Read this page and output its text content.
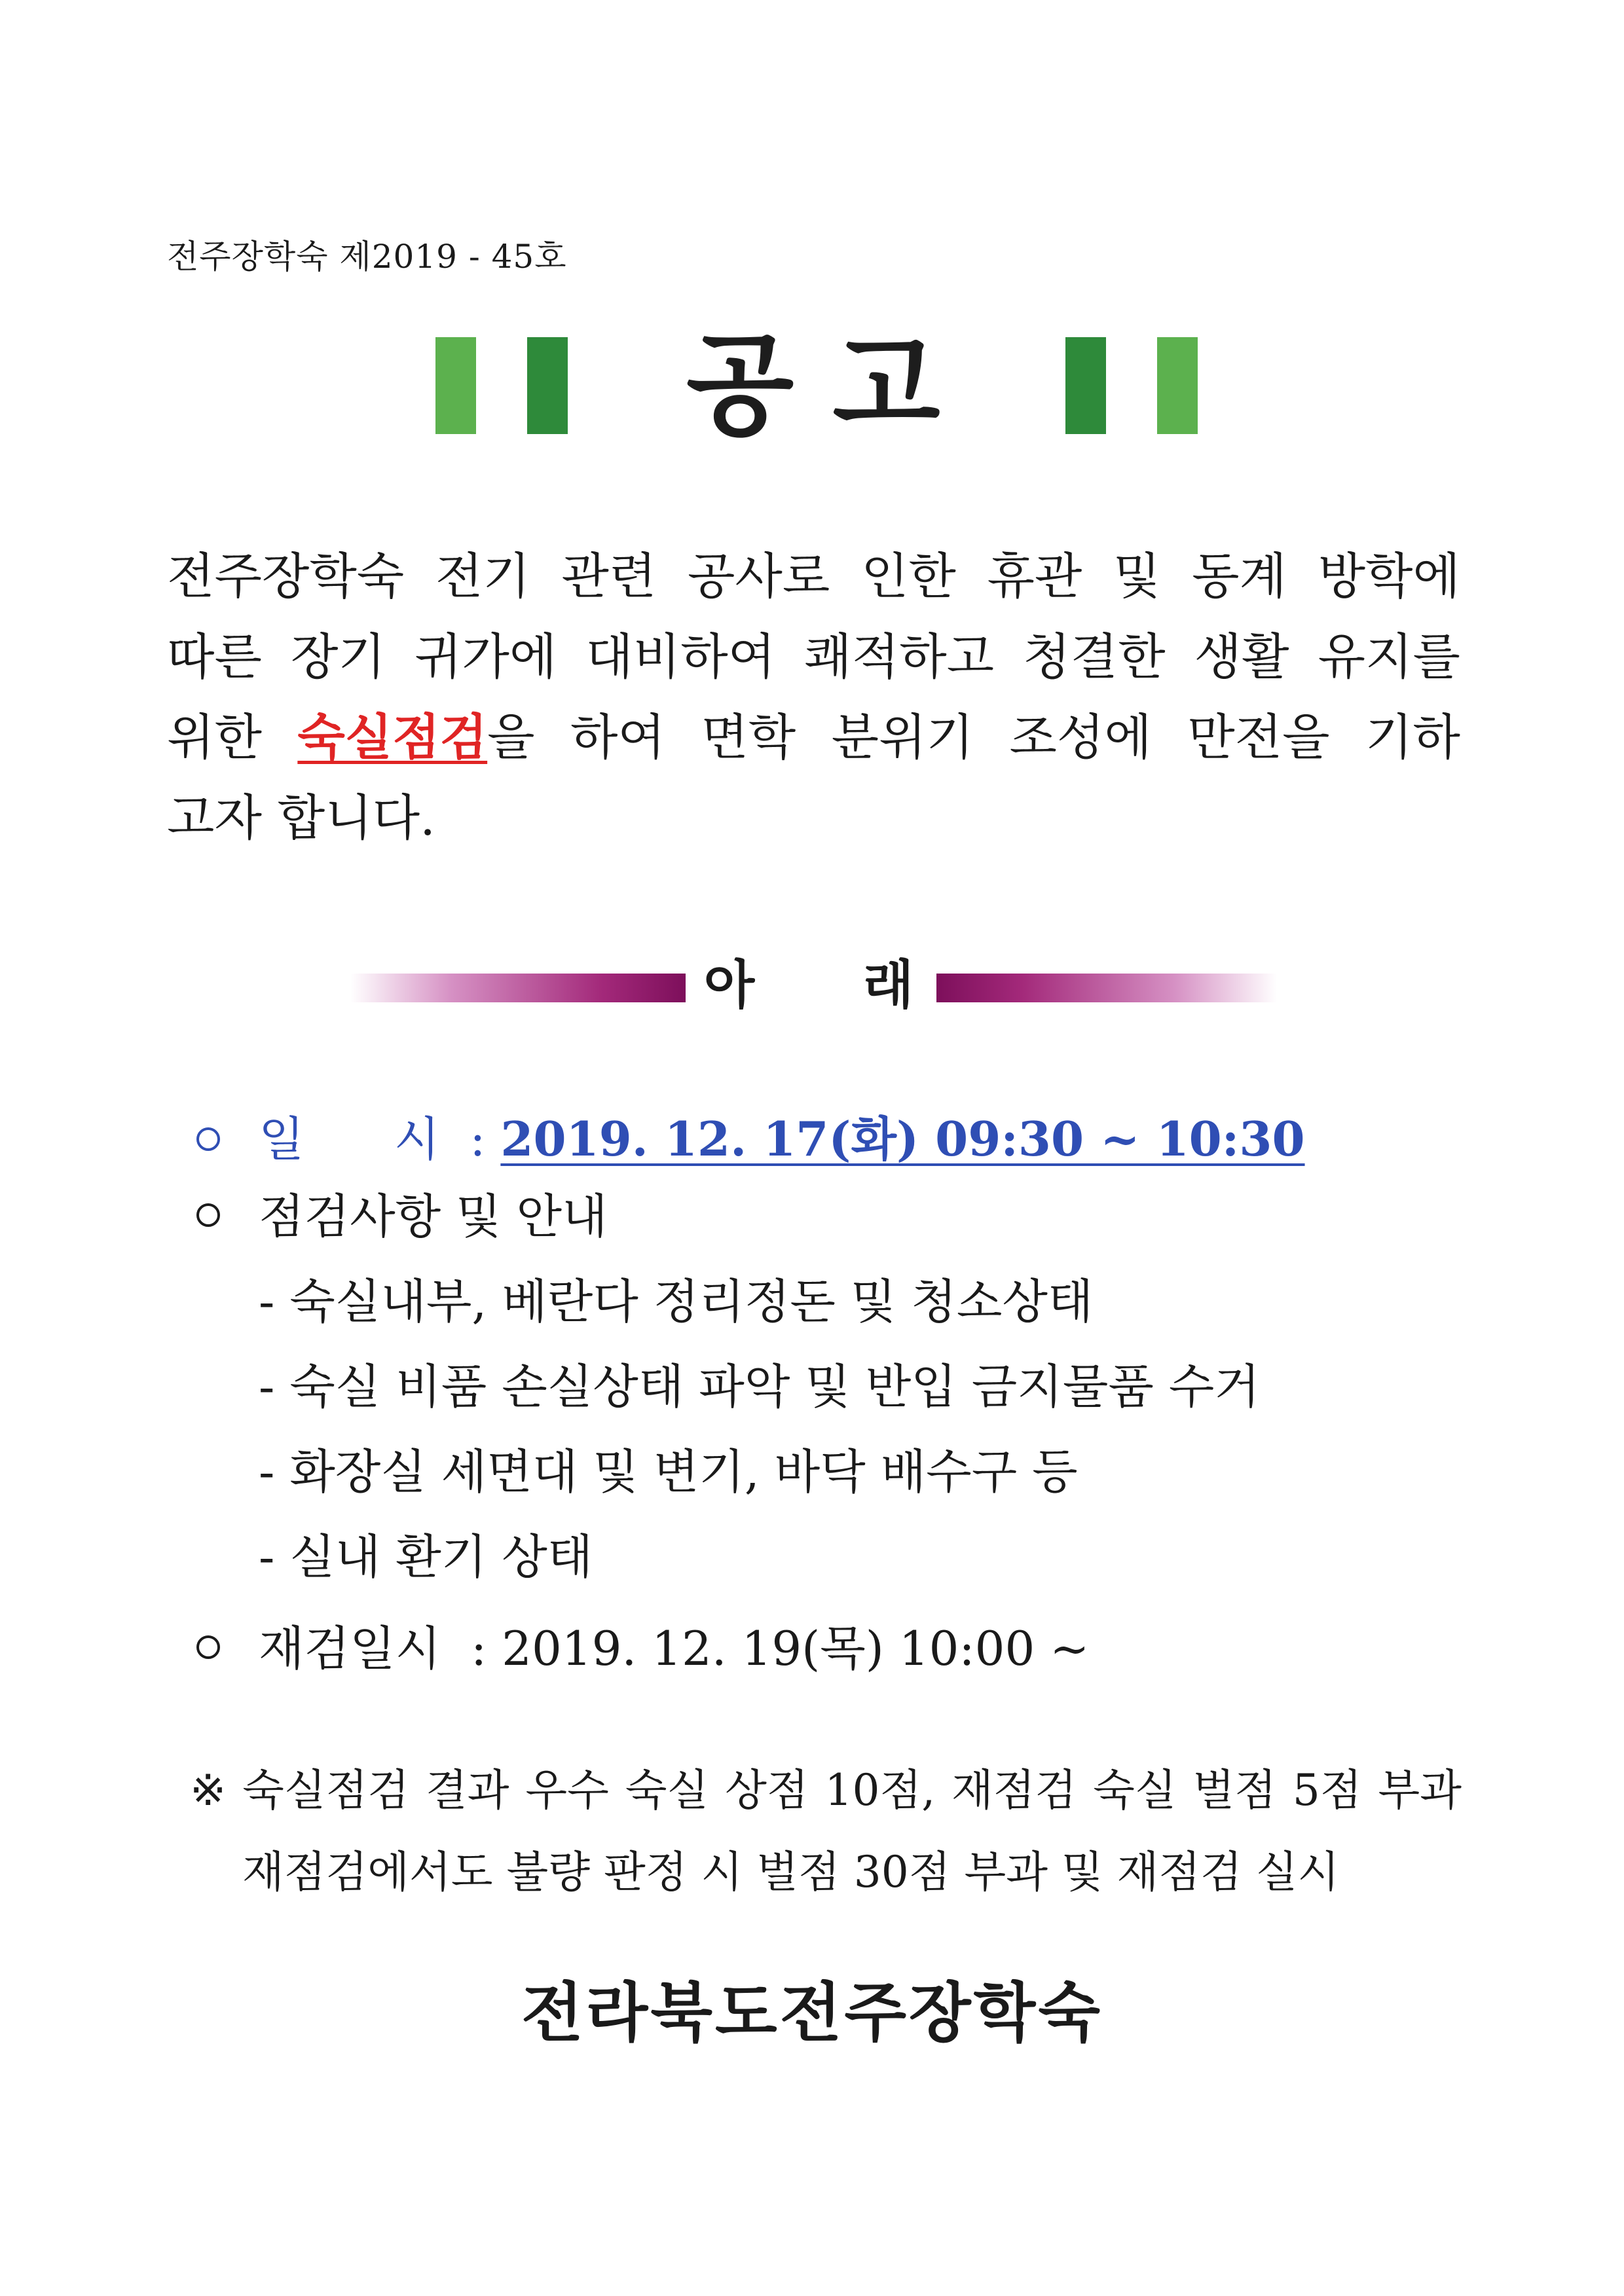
전주장학숙 제2019 - 45호
공 고
전주장학숙 전기 관련 공사로 인한 휴관 및 동계 방학에
따른 장기 귀가에 대비하여 쾌적하고 청결한 생활 유지를
위한 숙실점검을 하여 면학 분위기 조성에 만전을 기하
고자 합니다.
아 래
일      시  : 2019. 12. 17(화) 09:30 ~ 10:30
점검사항 및 안내
- 숙실내부, 베란다 정리정돈 및 청소상태
- 숙실 비품 손실상태 파악 및 반입 금지물품 수거
- 화장실 세면대 및 변기, 바닥 배수구 등
- 실내 환기 상태
재검일시  : 2019. 12. 19(목) 10:00 ~
※ 숙실점검 결과 우수 숙실 상점 10점, 재점검 숙실 벌점 5점 부과
재점검에서도 불량 판정 시 벌점 30점 부과 및 재점검 실시
전라북도전주장학숙
